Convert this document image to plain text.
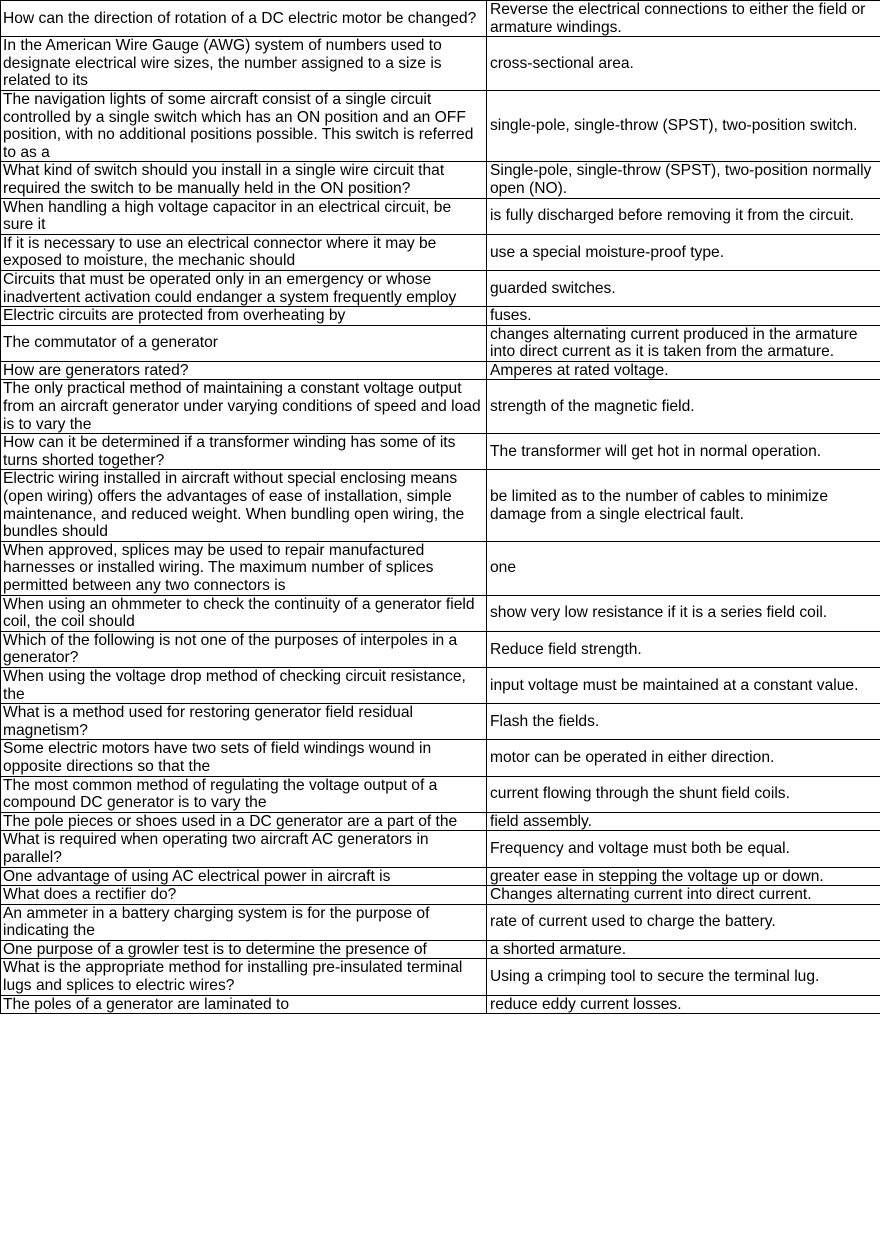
How can the direction of rotation of a DC electric motor be changed?	Reverse the electrical connections to either the field or armature windings.
In the American Wire Gauge (AWG) system of numbers used to designate electrical wire sizes, the number assigned to a size is related to its	cross-sectional area.
The navigation lights of some aircraft consist of a single circuit controlled by a single switch which has an ON position and an OFF position, with no additional positions possible. This switch is referred to as a	single-pole, single-throw (SPST), two-position switch.
What kind of switch should you install in a single wire circuit that required the switch to be manually held in the ON position?	Single-pole, single-throw (SPST), two-position normally open (NO).
When handling a high voltage capacitor in an electrical circuit, be sure it	is fully discharged before removing it from the circuit.
If it is necessary to use an electrical connector where it may be exposed to moisture, the mechanic should	use a special moisture-proof type.
Circuits that must be operated only in an emergency or whose inadvertent activation could endanger a system frequently employ	guarded switches.
Electric circuits are protected from overheating by	fuses.
The commutator of a generator	changes alternating current produced in the armature into direct current as it is taken from the armature.
How are generators rated?	Amperes at rated voltage.
The only practical method of maintaining a constant voltage output from an aircraft generator under varying conditions of speed and load is to vary the	strength of the magnetic field.
How can it be determined if a transformer winding has some of its turns shorted together?	The transformer will get hot in normal operation.
Electric wiring installed in aircraft without special enclosing means (open wiring) offers the advantages of ease of installation, simple maintenance, and reduced weight. When bundling open wiring, the bundles should	be limited as to the number of cables to minimize damage from a single electrical fault.
When approved, splices may be used to repair manufactured harnesses or installed wiring. The maximum number of splices permitted between any two connectors is	one
When using an ohmmeter to check the continuity of a generator field coil, the coil should	show very low resistance if it is a series field coil.
Which of the following is not one of the purposes of interpoles in a generator?	Reduce field strength.
When using the voltage drop method of checking circuit resistance, the	input voltage must be maintained at a constant value.
What is a method used for restoring generator field residual magnetism?	Flash the fields.
Some electric motors have two sets of field windings wound in opposite directions so that the	motor can be operated in either direction.
The most common method of regulating the voltage output of a compound DC generator is to vary the	current flowing through the shunt field coils.
The pole pieces or shoes used in a DC generator are a part of the	field assembly.
What is required when operating two aircraft AC generators in parallel?	Frequency and voltage must both be equal.
One advantage of using AC electrical power in aircraft is	greater ease in stepping the voltage up or down.
What does a rectifier do?	Changes alternating current into direct current.
An ammeter in a battery charging system is for the purpose of indicating the	rate of current used to charge the battery.
One purpose of a growler test is to determine the presence of	a shorted armature.
What is the appropriate method for installing pre-insulated terminal lugs and splices to electric wires?	Using a crimping tool to secure the terminal lug.
The poles of a generator are laminated to	reduce eddy current losses.
